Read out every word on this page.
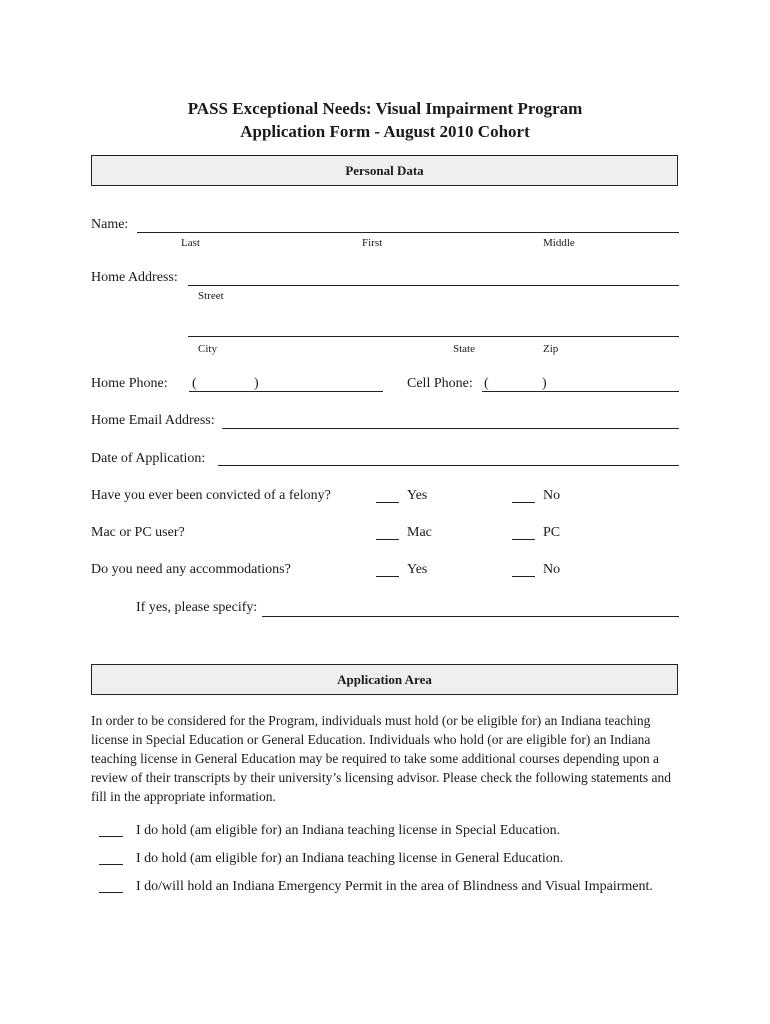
PASS Exceptional Needs: Visual Impairment Program
Application Form - August 2010 Cohort
Personal Data
Name:
Last	First	Middle
Home Address:
Street
City	State	Zip
Home Phone: (	)	Cell Phone: (	)
Home Email Address:
Date of Application:
Have you ever been convicted of a felony?	Yes	No
Mac or PC user?	Mac	PC
Do you need any accommodations?	Yes	No
If yes, please specify:
Application Area
In order to be considered for the Program, individuals must hold (or be eligible for) an Indiana teaching license in Special Education or General Education. Individuals who hold (or are eligible for) an Indiana teaching license in General Education may be required to take some additional courses depending upon a review of their transcripts by their university’s licensing advisor. Please check the following statements and fill in the appropriate information.
I do hold (am eligible for) an Indiana teaching license in Special Education.
I do hold (am eligible for) an Indiana teaching license in General Education.
I do/will hold an Indiana Emergency Permit in the area of Blindness and Visual Impairment.
